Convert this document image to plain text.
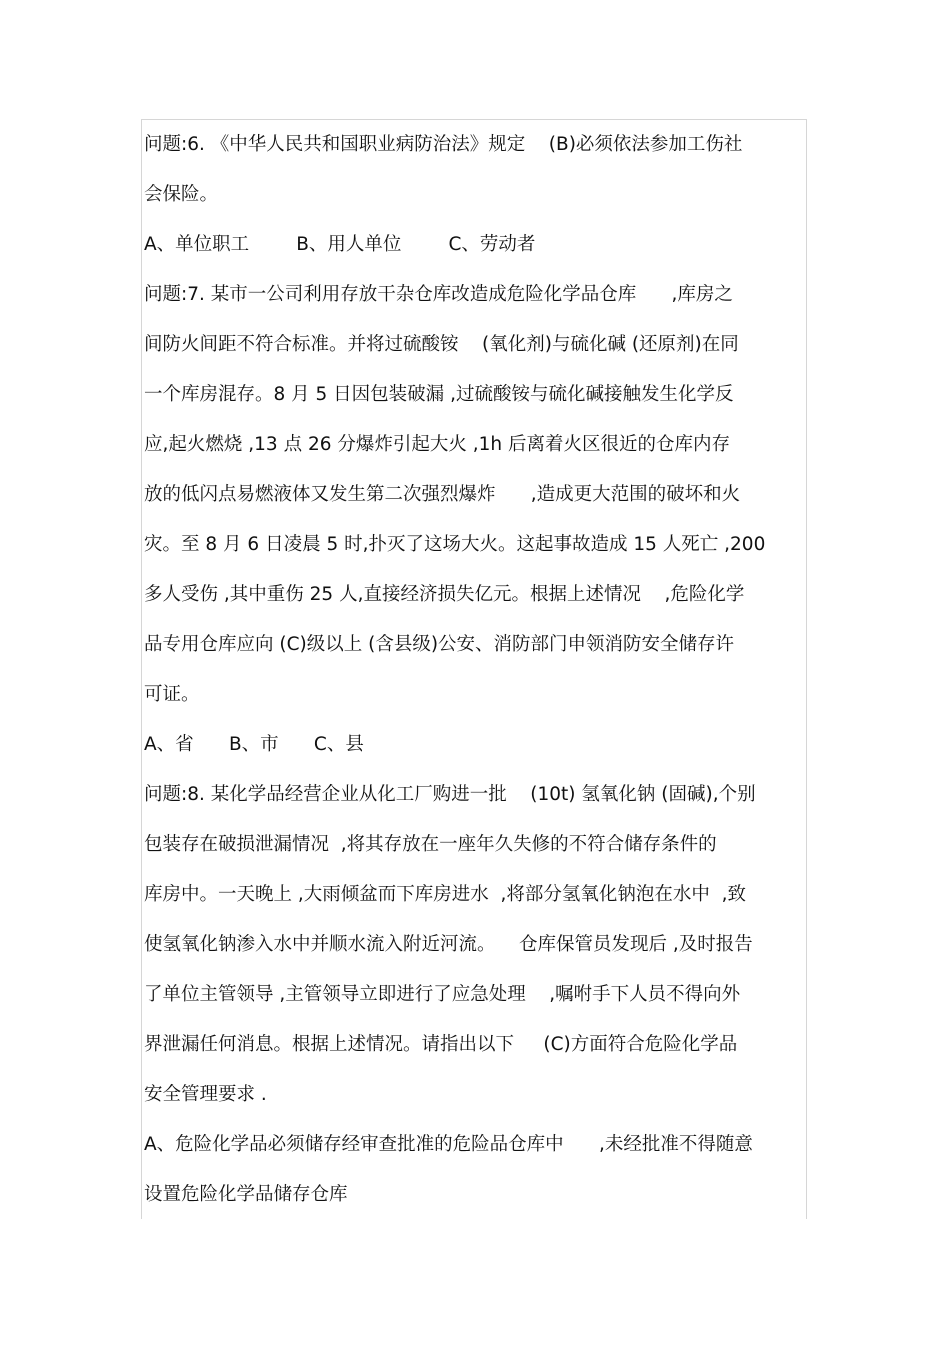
问题:6. 《中华人民共和国职业病防治法》规定    (B)必须依法参加工伤社
会保险。
A、单位职工        B、用人单位        C、劳动者
问题:7. 某市一公司利用存放干杂仓库改造成危险化学品仓库      ,库房之
间防火间距不符合标准。并将过硫酸铵    (氧化剂)与硫化碱 (还原剂)在同
一个库房混存。8 月 5 日因包装破漏 ,过硫酸铵与硫化碱接触发生化学反
应,起火燃烧 ,13 点 26 分爆炸引起大火 ,1h 后离着火区很近的仓库内存
放的低闪点易燃液体又发生第二次强烈爆炸      ,造成更大范围的破坏和火
灾。至 8 月 6 日凌晨 5 时,扑灭了这场大火。这起事故造成 15 人死亡 ,200
多人受伤 ,其中重伤 25 人,直接经济损失亿元。根据上述情况    ,危险化学
品专用仓库应向 (C)级以上 (含县级)公安、消防部门申领消防安全储存许
可证。
A、省      B、市      C、县
问题:8. 某化学品经营企业从化工厂购进一批    (10t) 氢氧化钠 (固碱),个别
包装存在破损泄漏情况  ,将其存放在一座年久失修的不符合储存条件的
库房中。一天晚上 ,大雨倾盆而下库房进水  ,将部分氢氧化钠泡在水中  ,致
使氢氧化钠渗入水中并顺水流入附近河流。    仓库保管员发现后 ,及时报告
了单位主管领导 ,主管领导立即进行了应急处理    ,嘱咐手下人员不得向外
界泄漏任何消息。根据上述情况。请指出以下     (C)方面符合危险化学品
安全管理要求 .
A、危险化学品必须储存经审查批准的危险品仓库中      ,未经批准不得随意
设置危险化学品储存仓库
